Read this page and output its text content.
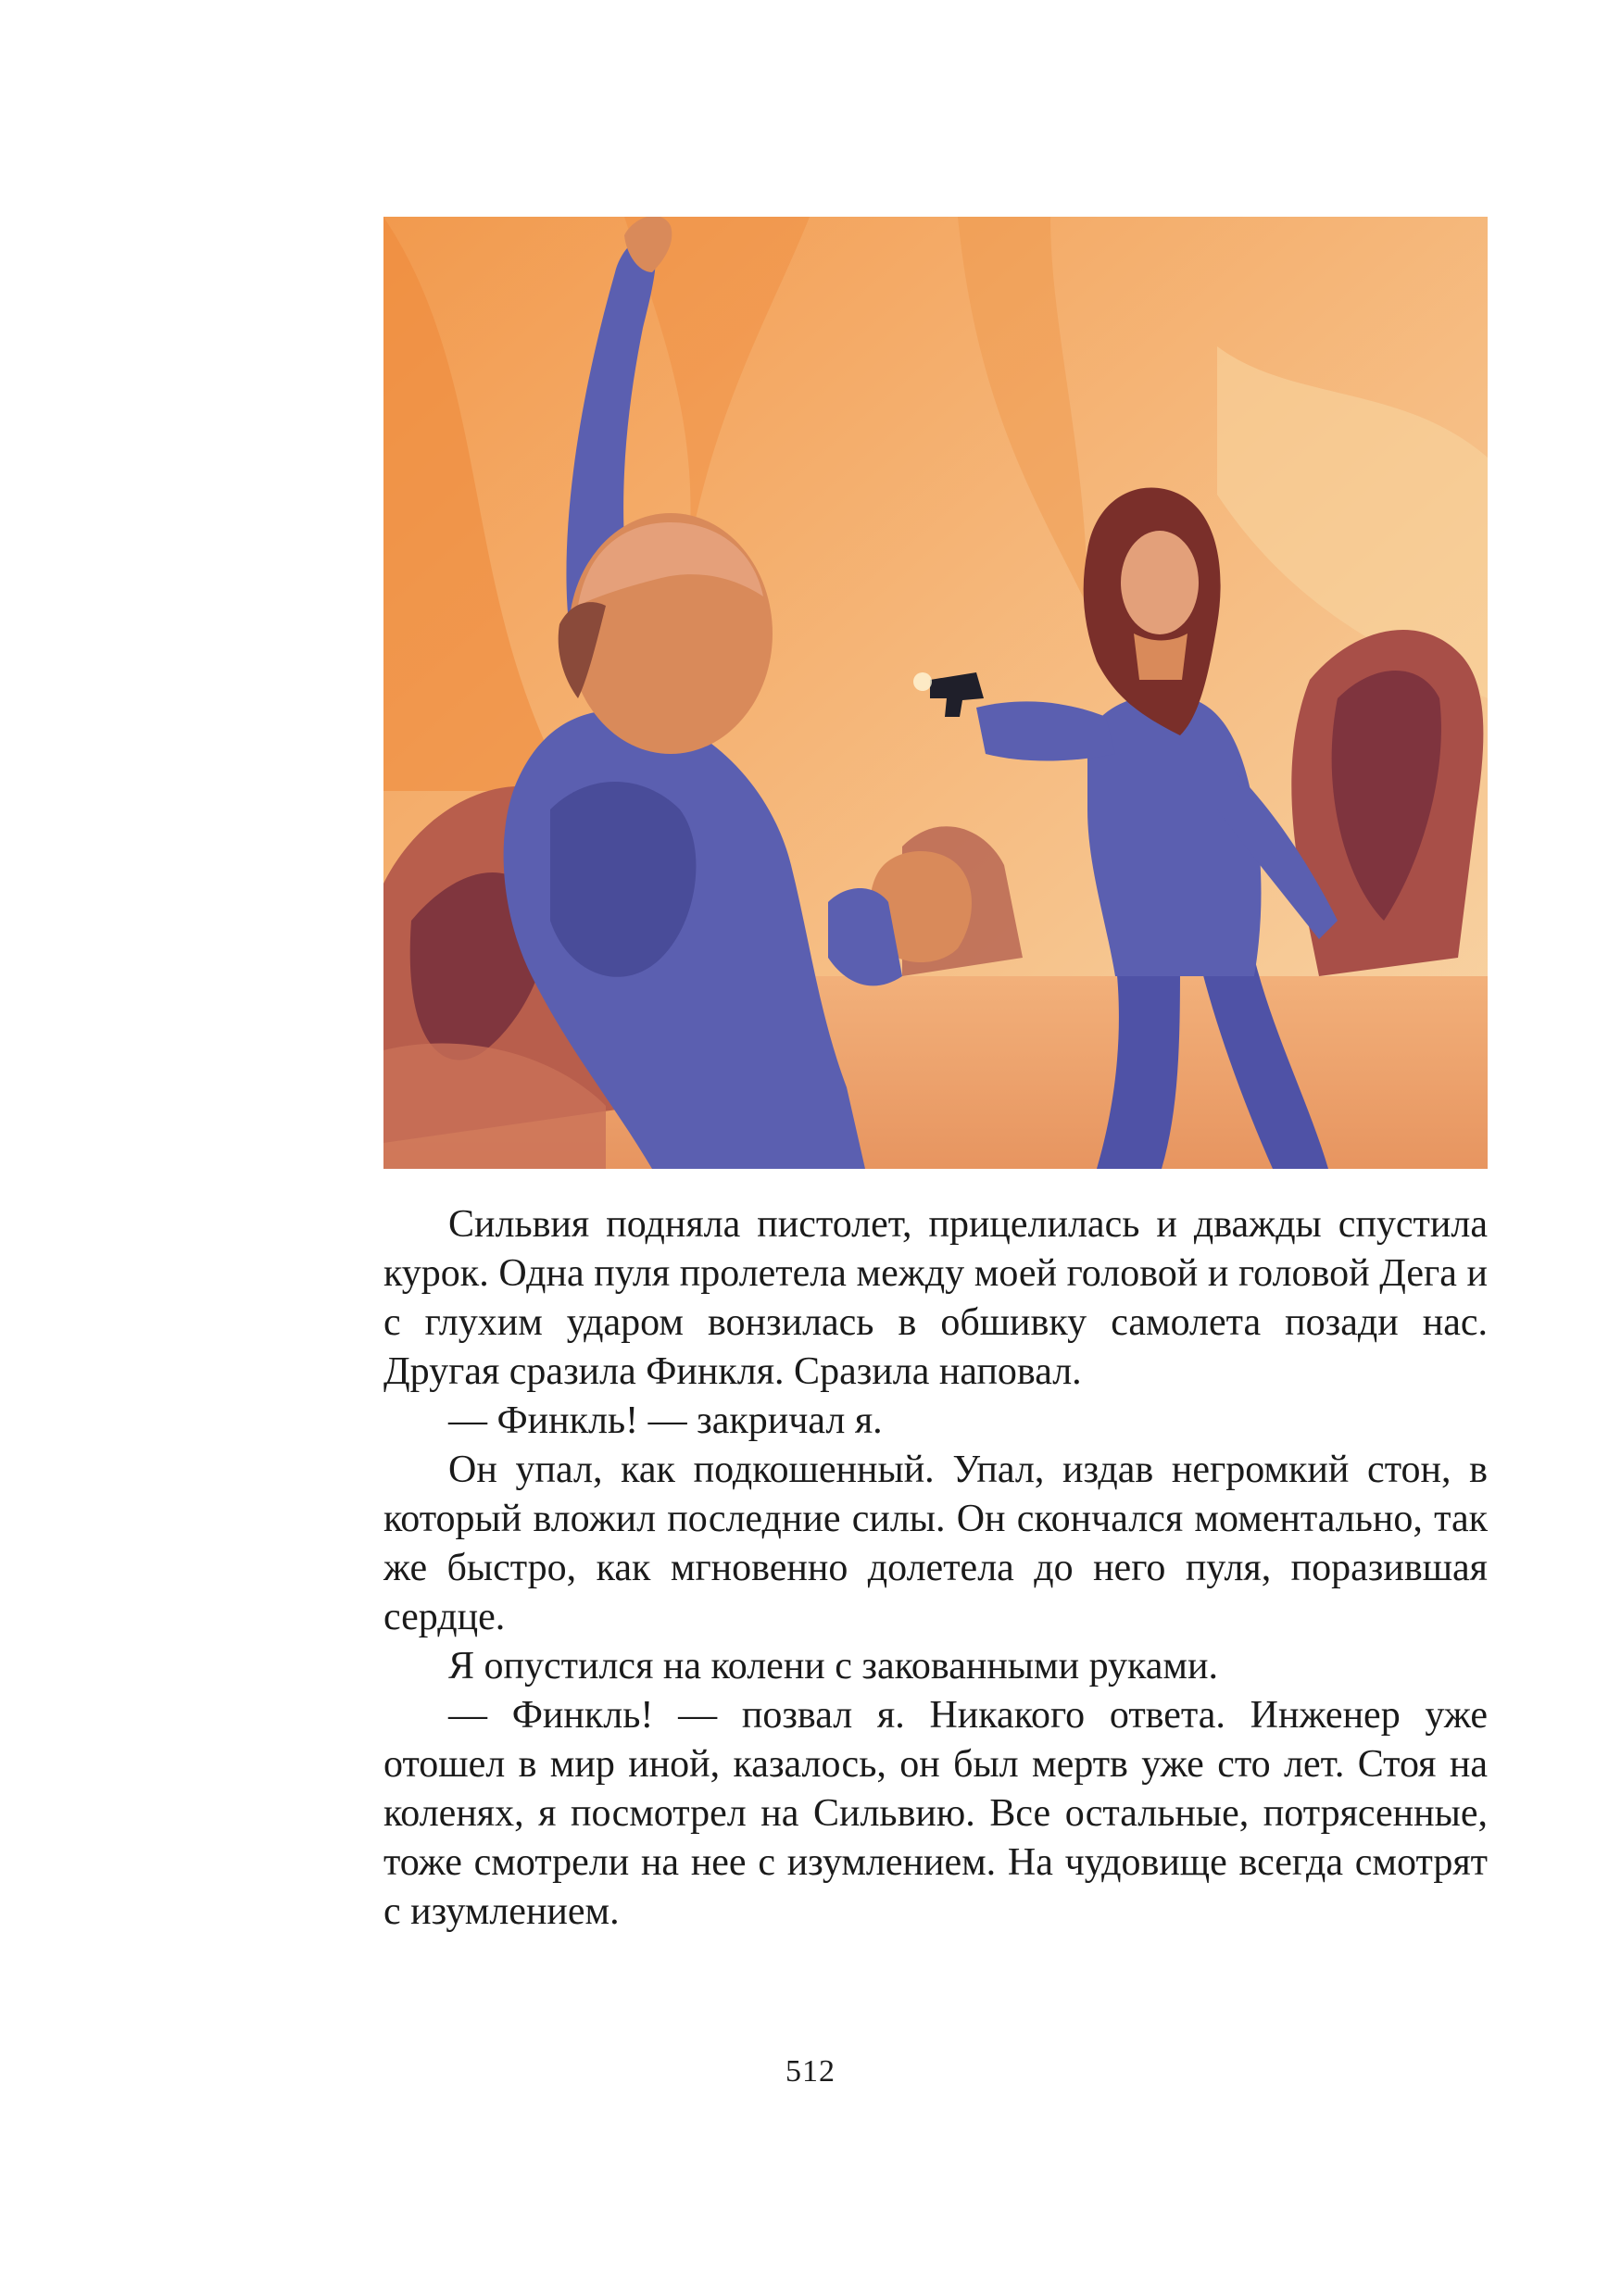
Сильвия подняла пистолет, прицелилась и дважды спустила курок. Одна пуля пролетела между моей головой и головой Дега и с глухим ударом вонзилась в обшивку самолета позади нас. Другая сразила Финкля. Сразила наповал.

— Финкль! — закричал я.

Он упал, как подкошенный. Упал, издав негромкий стон, в который вложил последние силы. Он скончался моментально, так же быстро, как мгновенно долетела до него пуля, поразившая сердце.

Я опустился на колени с закованными руками.

— Финкль! — позвал я. Никакого ответа. Инженер уже отошел в мир иной, казалось, он был мертв уже сто лет. Стоя на коленях, я посмотрел на Сильвию. Все остальные, потрясенные, тоже смотрели на нее с изумлением. На чудовище всегда смотрят с изумлением.

512
